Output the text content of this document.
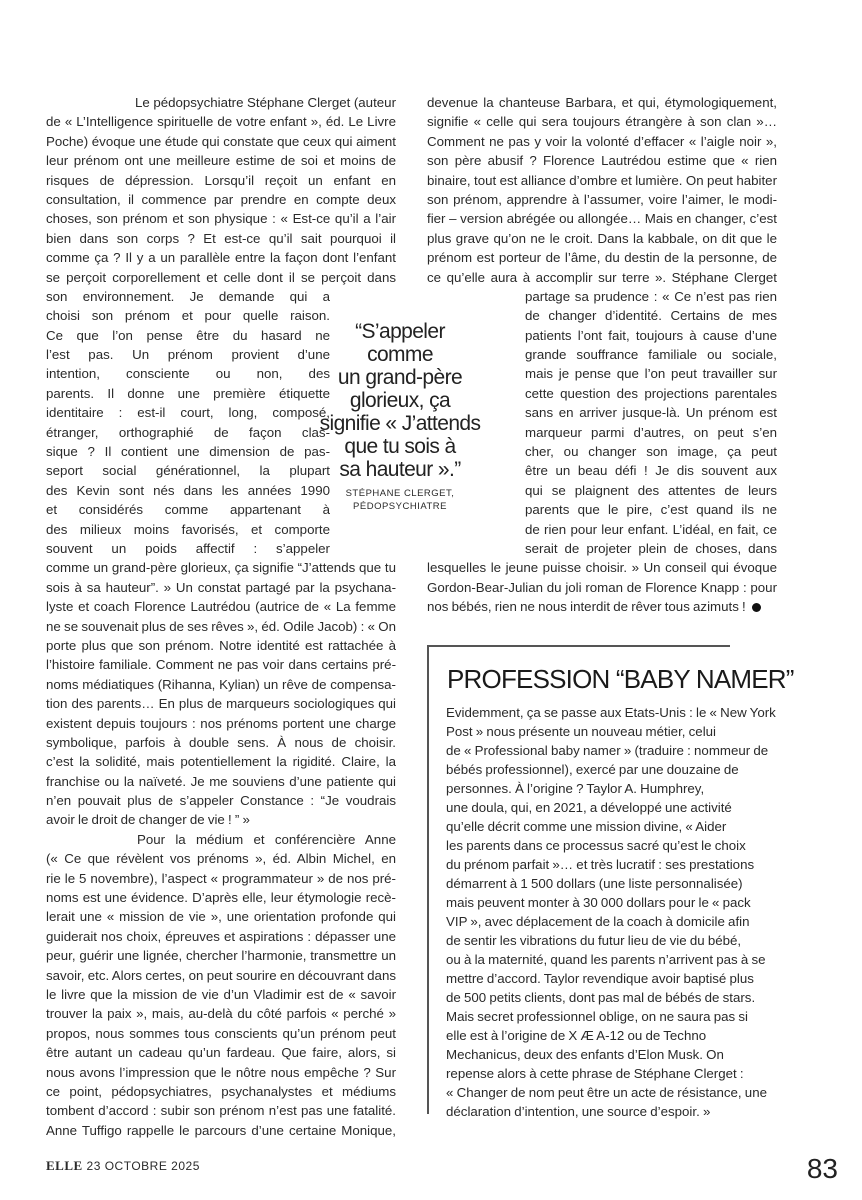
Le pédopsychiatre Stéphane Clerget (auteur
de « L’Intelligence spirituelle de votre enfant », éd. Le Livre
Poche) évoque une étude qui constate que ceux qui aiment
leur prénom ont une meilleure estime de soi et moins de
risques de dépression. Lorsqu’il reçoit un enfant en
consultation, il commence par prendre en compte deux
choses, son prénom et son physique : « Est-ce qu’il a l’air
bien dans son corps ? Et est-ce qu’il sait pourquoi il
comme ça ? Il y a un parallèle entre la façon dont l’enfant
se perçoit corporellement et celle dont il se perçoit dans
son environnement. Je demande qui a
choisi son prénom et pour quelle raison.
Ce que l’on pense être du hasard ne
l’est pas. Un prénom provient d’une
intention, consciente ou non, des
parents. Il donne une première étiquette
identitaire : est-il court, long, composé,
étranger, orthographié de façon clas-
sique ? Il contient une dimension de pas-
seport social générationnel, la plupart
des Kevin sont nés dans les années 1990
et considérés comme appartenant à
des milieux moins favorisés, et comporte
souvent un poids affectif : s’appeler
comme un grand-père glorieux, ça signifie “J’attends que tu
sois à sa hauteur”. » Un constat partagé par la psychana-
lyste et coach Florence Lautrédou (autrice de « La femme
ne se souvenait plus de ses rêves », éd. Odile Jacob) : « On
porte plus que son prénom. Notre identité est rattachée à
l’histoire familiale. Comment ne pas voir dans certains pré-
noms médiatiques (Rihanna, Kylian) un rêve de compensa-
tion des parents… En plus de marqueurs sociologiques qui
existent depuis toujours : nos prénoms portent une charge
symbolique, parfois à double sens. À nous de choisir.
c’est la solidité, mais potentiellement la rigidité. Claire, la
franchise ou la naïveté. Je me souviens d’une patiente qui
n’en pouvait plus de s’appeler Constance : “Je voudrais
avoir le droit de changer de vie ! ” »
Pour la médium et conférencière Anne
(« Ce que révèlent vos prénoms », éd. Albin Michel, en
rie le 5 novembre), l’aspect « programmateur » de nos pré-
noms est une évidence. D’après elle, leur étymologie recè-
lerait une « mission de vie », une orientation profonde qui
guiderait nos choix, épreuves et aspirations : dépasser une
peur, guérir une lignée, chercher l’harmonie, transmettre un
savoir, etc. Alors certes, on peut sourire en découvrant dans
le livre que la mission de vie d’un Vladimir est de « savoir
trouver la paix », mais, au-delà du côté parfois « perché »
propos, nous sommes tous conscients qu’un prénom peut
être autant un cadeau qu’un fardeau. Que faire, alors, si
nous avons l’impression que le nôtre nous empêche ? Sur
ce point, pédopsychiatres, psychanalystes et médiums
tombent d’accord : subir son prénom n’est pas une fatalité.
Anne Tuffigo rappelle le parcours d’une certaine Monique,
devenue la chanteuse Barbara, et qui, étymologiquement,
signifie « celle qui sera toujours étrangère à son clan »…
Comment ne pas y voir la volonté d’effacer « l’aigle noir »,
son père abusif ? Florence Lautrédou estime que « rien
binaire, tout est alliance d’ombre et lumière. On peut habiter
son prénom, apprendre à l’assumer, voire l’aimer, le modi-
fier – version abrégée ou allongée… Mais en changer, c’est
plus grave qu’on ne le croit. Dans la kabbale, on dit que le
prénom est porteur de l’âme, du destin de la personne, de
ce qu’elle aura à accomplir sur terre ». Stéphane Clerget
partage sa prudence : « Ce n’est pas rien
de changer d’identité. Certains de mes
patients l’ont fait, toujours à cause d’une
grande souffrance familiale ou sociale,
mais je pense que l’on peut travailler sur
cette question des projections parentales
sans en arriver jusque-là. Un prénom est
marqueur parmi d’autres, on peut s’en
cher, ou changer son image, ça peut
être un beau défi ! Je dis souvent aux
qui se plaignent des attentes de leurs
parents que le pire, c’est quand ils ne
de rien pour leur enfant. L’idéal, en fait, ce
serait de projeter plein de choses, dans
lesquelles le jeune puisse choisir. » Un conseil qui évoque
Gordon-Bear-Julian du joli roman de Florence Knapp : pour
nos bébés, rien ne nous interdit de rêver tous azimuts !
“S’appeler
comme
un grand-père
glorieux, ça
signifie « J’attends
que tu sois à
sa hauteur ».”
STÉPHANE CLERGET,
PÉDOPSYCHIATRE
PROFESSION “BABY NAMER”
Evidemment, ça se passe aux Etats-Unis : le « New York
Post » nous présente un nouveau métier, celui
de « Professional baby namer » (traduire : nommeur de
bébés professionnel), exercé par une douzaine de
personnes. À l’origine ? Taylor A. Humphrey,
une doula, qui, en 2021, a développé une activité
qu’elle décrit comme une mission divine, « Aider
les parents dans ce processus sacré qu’est le choix
du prénom parfait »… et très lucratif : ses prestations
démarrent à 1 500 dollars (une liste personnalisée)
mais peuvent monter à 30 000 dollars pour le « pack
VIP », avec déplacement de la coach à domicile afin
de sentir les vibrations du futur lieu de vie du bébé,
ou à la maternité, quand les parents n’arrivent pas à se
mettre d’accord. Taylor revendique avoir baptisé plus
de 500 petits clients, dont pas mal de bébés de stars.
Mais secret professionnel oblige, on ne saura pas si
elle est à l’origine de X Æ A-12 ou de Techno
Mechanicus, deux des enfants d’Elon Musk. On
repense alors à cette phrase de Stéphane Clerget :
« Changer de nom peut être un acte de résistance, une
déclaration d’intention, une source d’espoir. »
ELLE 23 OCTOBRE 2025	83
